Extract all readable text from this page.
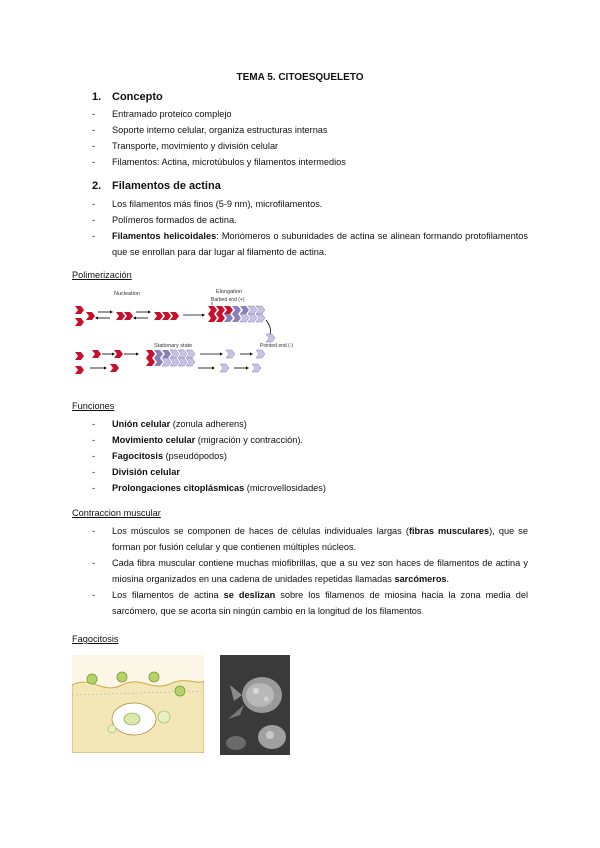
TEMA 5. CITOESQUELETO
1. Concepto
- Entramado proteico complejo
- Soporte interno celular, organiza estructuras internas
- Transporte, movimiento y división celular
- Filamentos: Actina, microtúbulos y filamentos intermedios
2. Filamentos de actina
- Los filamentos más finos (5-9 nm), microfilamentos.
- Polímeros formados de actina.
- Filamentos helicoidales: Monómeros o subunidades de actina se alinean formando protofilamentos que se enrollan para dar lugar al filamento de actina.
Polimerización
Nucleation	Elongation
Barbed end (+)
Stationary state	Pointed end (-)
Funciones
- Unión celular (zonula adherens)
- Movimiento celular (migración y contracción).
- Fagocitosis (pseudópodos)
- División celular
- Prolongaciones citoplásmicas (microvellosidades)
Contraccion muscular
- Los músculos se componen de haces de células individuales largas (fibras musculares), que se forman por fusión celular y que contienen múltiples núcleos.
- Cada fibra muscular contiene muchas miofibrillas, que a su vez son haces de filamentos de actina y miosina organizados en una cadena de unidades repetidas llamadas sarcómeros.
- Los filamentos de actina se deslizan sobre los filamenos de miosina hacia la zona media del sarcómero, que se acorta sin ningún cambio en la longitud de los filamentos
Fagocitosis
